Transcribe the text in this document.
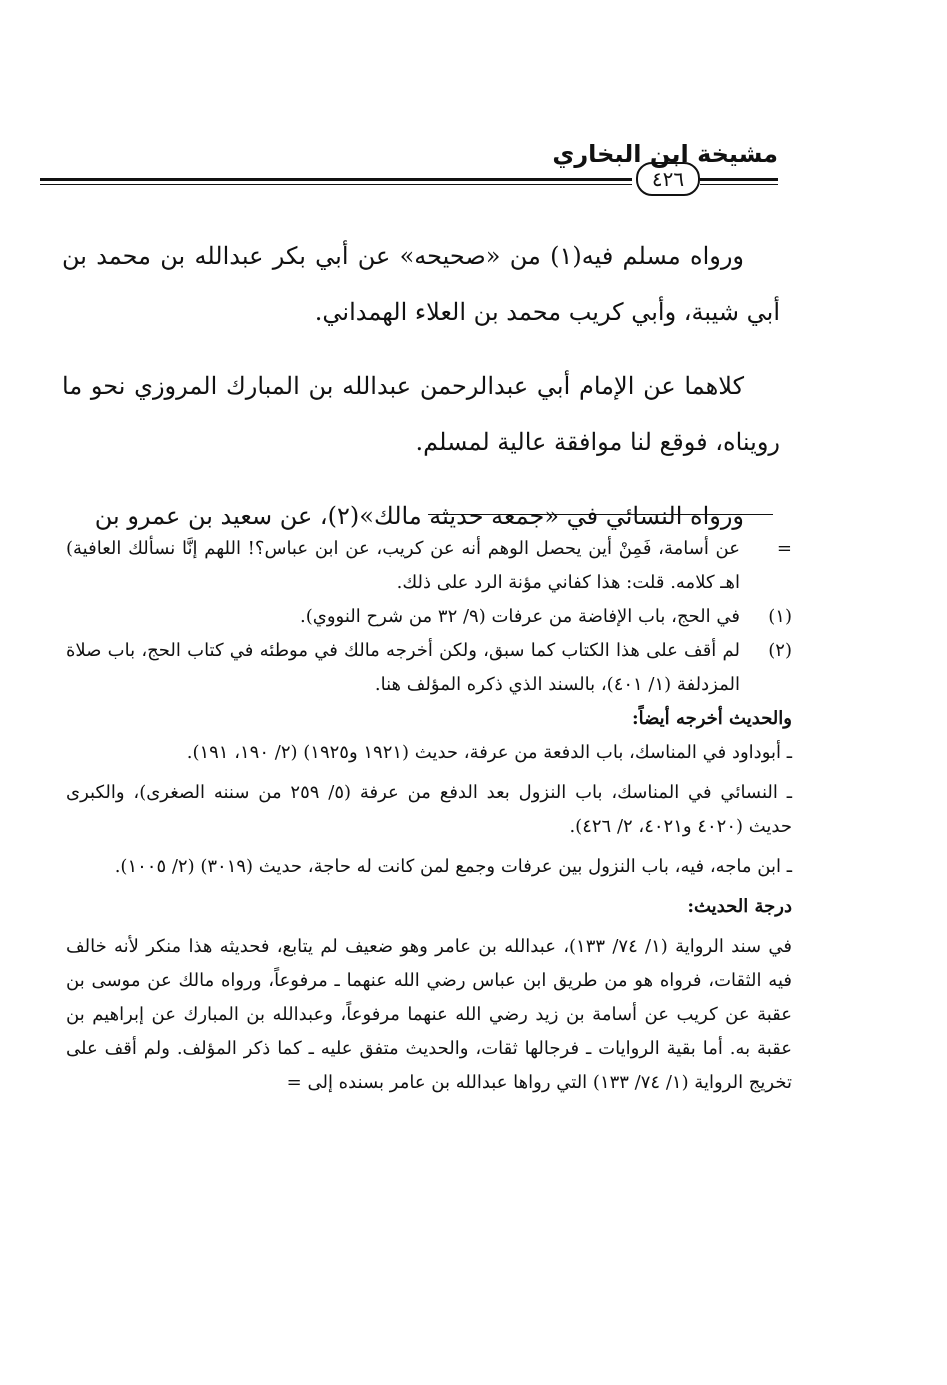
٤٢٦
مشيخة ابن البخاري

ورواه مسلم فيه(١) من «صحيحه» عن أبي بكر عبدالله بن محمد بن أبي شيبة، وأبي كريب محمد بن العلاء الهمداني.

كلاهما عن الإمام أبي عبدالرحمن عبدالله بن المبارك المروزي نحو ما رويناه، فوقع لنا موافقة عالية لمسلم.

ورواه النسائي في «جمعه حديثه مالك»(٢)، عن سعيد بن عمرو بن

=
عن أسامة، فَمِنْ أين يحصل الوهم أنه عن كريب، عن ابن عباس؟! اللهم إنَّا نسألك العافية) اهـ كلامه. قلت: هذا كفاني مؤنة الرد على ذلك.
(١)
في الحج، باب الإفاضة من عرفات (٩/ ٣٢ من شرح النووي).
(٢)
لم أقف على هذا الكتاب كما سبق، ولكن أخرجه مالك في موطئه في كتاب الحج، باب صلاة المزدلفة (١/ ٤٠١)، بالسند الذي ذكره المؤلف هنا.

والحديث أخرجه أيضاً:

ـ أبوداود في المناسك، باب الدفعة من عرفة، حديث (١٩٢١ و١٩٢٥) (٢/ ١٩٠، ١٩١).

ـ النسائي في المناسك، باب النزول بعد الدفع من عرفة (٥/ ٢٥٩ من سننه الصغرى)، والكبرى حديث (٤٠٢٠ و٤٠٢١، ٢/ ٤٢٦).

ـ ابن ماجه، فيه، باب النزول بين عرفات وجمع لمن كانت له حاجة، حديث (٣٠١٩) (٢/ ١٠٠٥).

درجة الحديث:

في سند الرواية (١/ ٧٤/ ١٣٣)، عبدالله بن عامر وهو ضعيف لم يتابع، فحديثه هذا منكر لأنه خالف فيه الثقات، فرواه هو من طريق ابن عباس رضي الله عنهما ـ مرفوعاً، ورواه مالك عن موسى بن عقبة عن كريب عن أسامة بن زيد رضي الله عنهما مرفوعاً، وعبدالله بن المبارك عن إبراهيم بن عقبة به. أما بقية الروايات ـ فرجالها ثقات، والحديث متفق عليه ـ كما ذكر المؤلف. ولم أقف على تخريج الرواية (١/ ٧٤/ ١٣٣) التي رواها عبدالله بن عامر بسنده إلى =
